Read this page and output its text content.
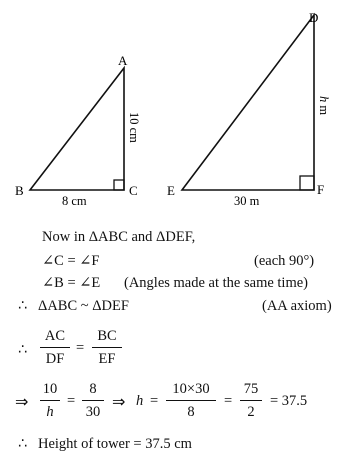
A
B	C
D
E	F
10 cm
8 cm	30 m
h m
Now in ΔABC and ΔDEF,
∠C = ∠F	(each 90°)
∠B = ∠E (Angles made at the same time)
∴ ΔABC ~ ΔDEF	(AA axiom)
∴
AC
DF
=
BC
EF
⇒
10
h
=
8
30
⇒ h =
10×30
8
=
75
2
= 37.5
∴ Height of tower = 37.5 cm
